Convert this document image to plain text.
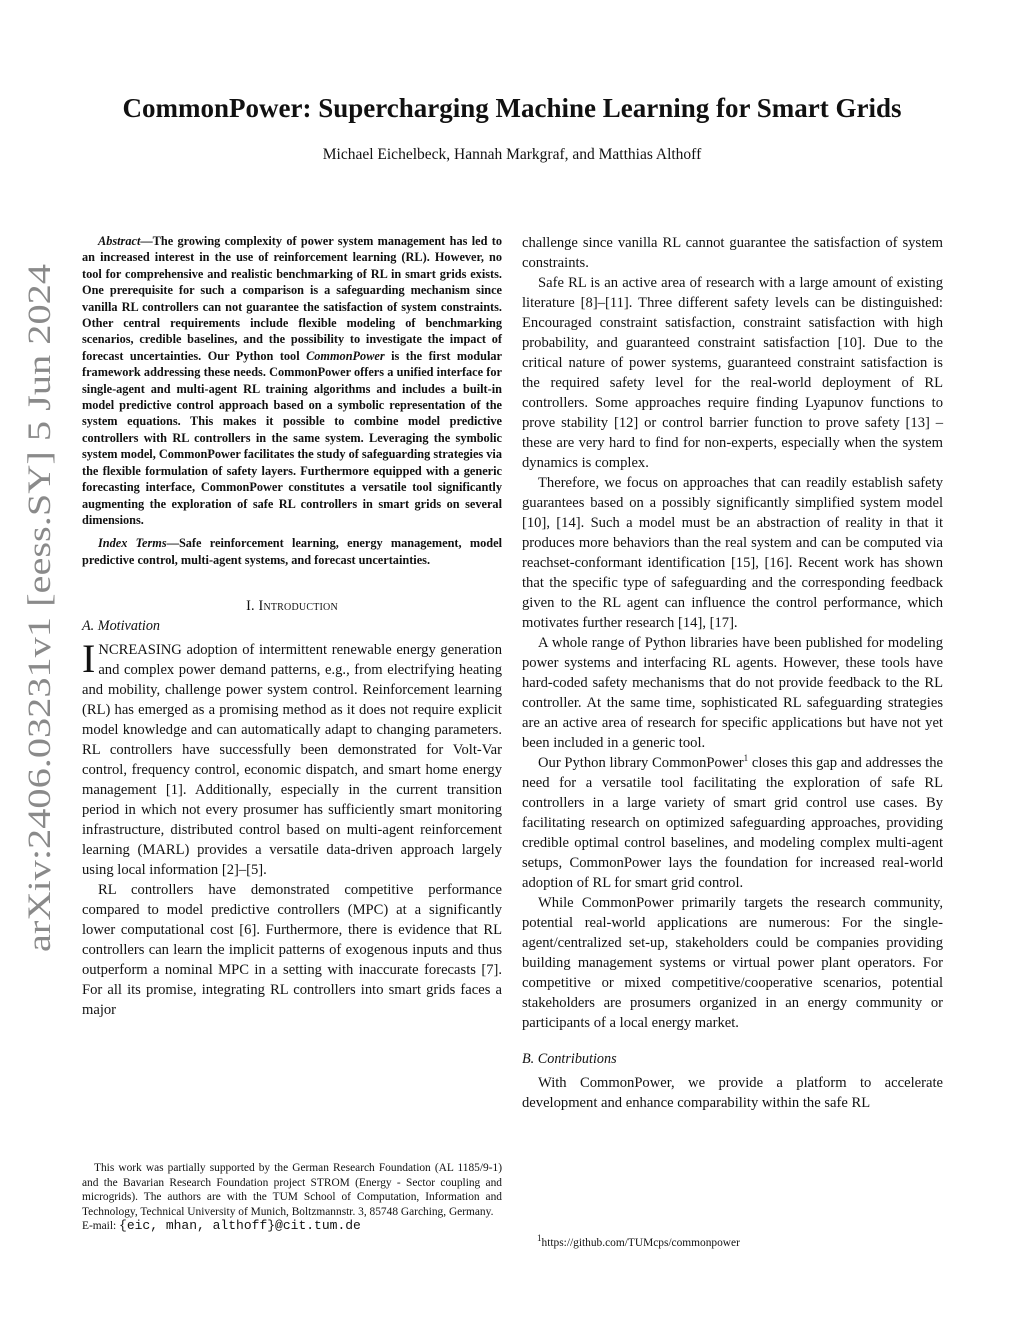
arXiv:2406.03231v1 [eess.SY] 5 Jun 2024
CommonPower: Supercharging Machine Learning for Smart Grids
Michael Eichelbeck, Hannah Markgraf, and Matthias Althoff

Abstract—The growing complexity of power system management has led to an increased interest in the use of reinforcement learning (RL). However, no tool for comprehensive and realistic benchmarking of RL in smart grids exists. One prerequisite for such a comparison is a safeguarding mechanism since vanilla RL controllers can not guarantee the satisfaction of system constraints. Other central requirements include flexible modeling of benchmarking scenarios, credible baselines, and the possibility to investigate the impact of forecast uncertainties. Our Python tool CommonPower is the first modular framework addressing these needs. CommonPower offers a unified interface for single-agent and multi-agent RL training algorithms and includes a built-in model predictive control approach based on a symbolic representation of the system equations. This makes it possible to combine model predictive controllers with RL controllers in the same system. Leveraging the symbolic system model, CommonPower facilitates the study of safeguarding strategies via the flexible formulation of safety layers. Furthermore equipped with a generic forecasting interface, CommonPower constitutes a versatile tool significantly augmenting the exploration of safe RL controllers in smart grids on several dimensions.

Index Terms—Safe reinforcement learning, energy management, model predictive control, multi-agent systems, and forecast uncertainties.

I. Introduction
A. Motivation

INCREASING adoption of intermittent renewable energy generation and complex power demand patterns, e.g., from electrifying heating and mobility, challenge power system control. Reinforcement learning (RL) has emerged as a promising method as it does not require explicit model knowledge and can automatically adapt to changing parameters. RL controllers have successfully been demonstrated for Volt-Var control, frequency control, economic dispatch, and smart home energy management [1]. Additionally, especially in the current transition period in which not every prosumer has sufficiently smart monitoring infrastructure, distributed control based on multi-agent reinforcement learning (MARL) provides a versatile data-driven approach largely using local information [2]–[5].

RL controllers have demonstrated competitive performance compared to model predictive controllers (MPC) at a significantly lower computational cost [6]. Furthermore, there is evidence that RL controllers can learn the implicit patterns of exogenous inputs and thus outperform a nominal MPC in a setting with inaccurate forecasts [7]. For all its promise, integrating RL controllers into smart grids faces a major

challenge since vanilla RL cannot guarantee the satisfaction of system constraints.

Safe RL is an active area of research with a large amount of existing literature [8]–[11]. Three different safety levels can be distinguished: Encouraged constraint satisfaction, constraint satisfaction with high probability, and guaranteed constraint satisfaction [10]. Due to the critical nature of power systems, guaranteed constraint satisfaction is the required safety level for the real-world deployment of RL controllers. Some approaches require finding Lyapunov functions to prove stability [12] or control barrier function to prove safety [13] – these are very hard to find for non-experts, especially when the system dynamics is complex.

Therefore, we focus on approaches that can readily establish safety guarantees based on a possibly significantly simplified system model [10], [14]. Such a model must be an abstraction of reality in that it produces more behaviors than the real system and can be computed via reachset-conformant identification [15], [16]. Recent work has shown that the specific type of safeguarding and the corresponding feedback given to the RL agent can influence the control performance, which motivates further research [14], [17].

A whole range of Python libraries have been published for modeling power systems and interfacing RL agents. However, these tools have hard-coded safety mechanisms that do not provide feedback to the RL controller. At the same time, sophisticated RL safeguarding strategies are an active area of research for specific applications but have not yet been included in a generic tool.

Our Python library CommonPower$^1$ closes this gap and addresses the need for a versatile tool facilitating the exploration of safe RL controllers in a large variety of smart grid control use cases. By facilitating research on optimized safeguarding approaches, providing credible optimal control baselines, and modeling complex multi-agent setups, CommonPower lays the foundation for increased real-world adoption of RL for smart grid control.

While CommonPower primarily targets the research community, potential real-world applications are numerous: For the single-agent/centralized set-up, stakeholders could be companies providing building management systems or virtual power plant operators. For competitive or mixed competitive/cooperative scenarios, potential stakeholders are prosumers organized in an energy community or participants of a local energy market.

B. Contributions

With CommonPower, we provide a platform to accelerate development and enhance comparability within the safe RL

This work was partially supported by the German Research Foundation (AL 1185/9-1) and the Bavarian Research Foundation project STROM (Energy - Sector coupling and microgrids). The authors are with the TUM School of Computation, Information and Technology, Technical University of Munich, Boltzmannstr. 3, 85748 Garching, Germany.

E-mail: {eic, mhan, althoff}@cit.tum.de
$^1$https://github.com/TUMcps/commonpower
